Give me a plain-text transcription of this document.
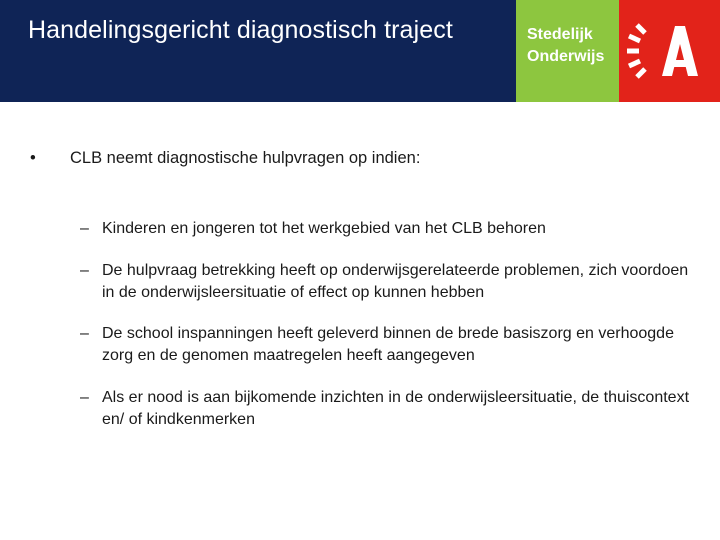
Handelingsgericht diagnostisch traject	Stedelijk
Onderwijs
• CLB neemt diagnostische hulpvragen op indien:
– Kinderen en jongeren tot het werkgebied van het CLB behoren
– De hulpvraag betrekking heeft op onderwijsgerelateerde problemen, zich voordoen in de onderwijsleersituatie of effect op kunnen hebben
– De school inspanningen heeft geleverd binnen de brede basiszorg en verhoogde zorg en de genomen maatregelen heeft aangegeven
– Als er nood is aan bijkomende inzichten in de onderwijsleersituatie, de thuiscontext en/ of kindkenmerken
